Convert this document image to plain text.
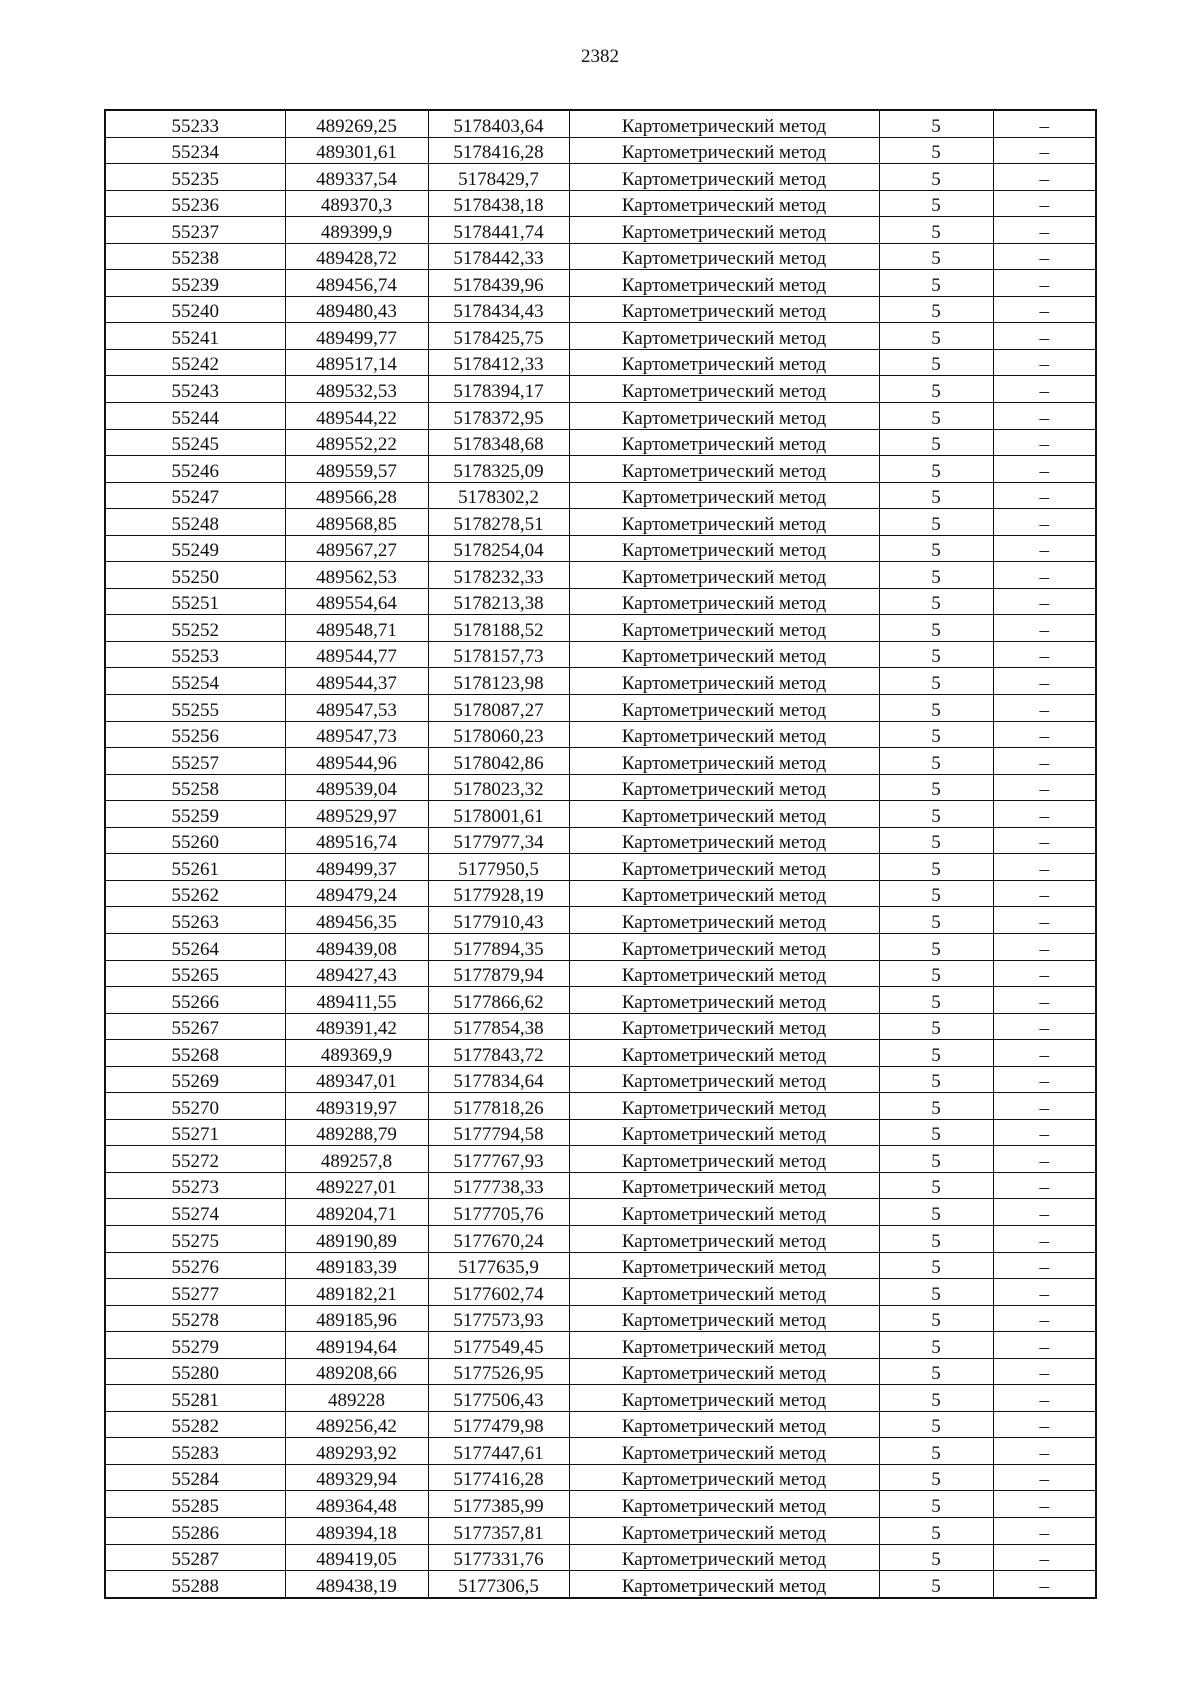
2382
55233	489269,25	5178403,64	Картометрический метод	5	–
55234	489301,61	5178416,28	Картометрический метод	5	–
55235	489337,54	5178429,7	Картометрический метод	5	–
55236	489370,3	5178438,18	Картометрический метод	5	–
55237	489399,9	5178441,74	Картометрический метод	5	–
55238	489428,72	5178442,33	Картометрический метод	5	–
55239	489456,74	5178439,96	Картометрический метод	5	–
55240	489480,43	5178434,43	Картометрический метод	5	–
55241	489499,77	5178425,75	Картометрический метод	5	–
55242	489517,14	5178412,33	Картометрический метод	5	–
55243	489532,53	5178394,17	Картометрический метод	5	–
55244	489544,22	5178372,95	Картометрический метод	5	–
55245	489552,22	5178348,68	Картометрический метод	5	–
55246	489559,57	5178325,09	Картометрический метод	5	–
55247	489566,28	5178302,2	Картометрический метод	5	–
55248	489568,85	5178278,51	Картометрический метод	5	–
55249	489567,27	5178254,04	Картометрический метод	5	–
55250	489562,53	5178232,33	Картометрический метод	5	–
55251	489554,64	5178213,38	Картометрический метод	5	–
55252	489548,71	5178188,52	Картометрический метод	5	–
55253	489544,77	5178157,73	Картометрический метод	5	–
55254	489544,37	5178123,98	Картометрический метод	5	–
55255	489547,53	5178087,27	Картометрический метод	5	–
55256	489547,73	5178060,23	Картометрический метод	5	–
55257	489544,96	5178042,86	Картометрический метод	5	–
55258	489539,04	5178023,32	Картометрический метод	5	–
55259	489529,97	5178001,61	Картометрический метод	5	–
55260	489516,74	5177977,34	Картометрический метод	5	–
55261	489499,37	5177950,5	Картометрический метод	5	–
55262	489479,24	5177928,19	Картометрический метод	5	–
55263	489456,35	5177910,43	Картометрический метод	5	–
55264	489439,08	5177894,35	Картометрический метод	5	–
55265	489427,43	5177879,94	Картометрический метод	5	–
55266	489411,55	5177866,62	Картометрический метод	5	–
55267	489391,42	5177854,38	Картометрический метод	5	–
55268	489369,9	5177843,72	Картометрический метод	5	–
55269	489347,01	5177834,64	Картометрический метод	5	–
55270	489319,97	5177818,26	Картометрический метод	5	–
55271	489288,79	5177794,58	Картометрический метод	5	–
55272	489257,8	5177767,93	Картометрический метод	5	–
55273	489227,01	5177738,33	Картометрический метод	5	–
55274	489204,71	5177705,76	Картометрический метод	5	–
55275	489190,89	5177670,24	Картометрический метод	5	–
55276	489183,39	5177635,9	Картометрический метод	5	–
55277	489182,21	5177602,74	Картометрический метод	5	–
55278	489185,96	5177573,93	Картометрический метод	5	–
55279	489194,64	5177549,45	Картометрический метод	5	–
55280	489208,66	5177526,95	Картометрический метод	5	–
55281	489228	5177506,43	Картометрический метод	5	–
55282	489256,42	5177479,98	Картометрический метод	5	–
55283	489293,92	5177447,61	Картометрический метод	5	–
55284	489329,94	5177416,28	Картометрический метод	5	–
55285	489364,48	5177385,99	Картометрический метод	5	–
55286	489394,18	5177357,81	Картометрический метод	5	–
55287	489419,05	5177331,76	Картометрический метод	5	–
55288	489438,19	5177306,5	Картометрический метод	5	–
